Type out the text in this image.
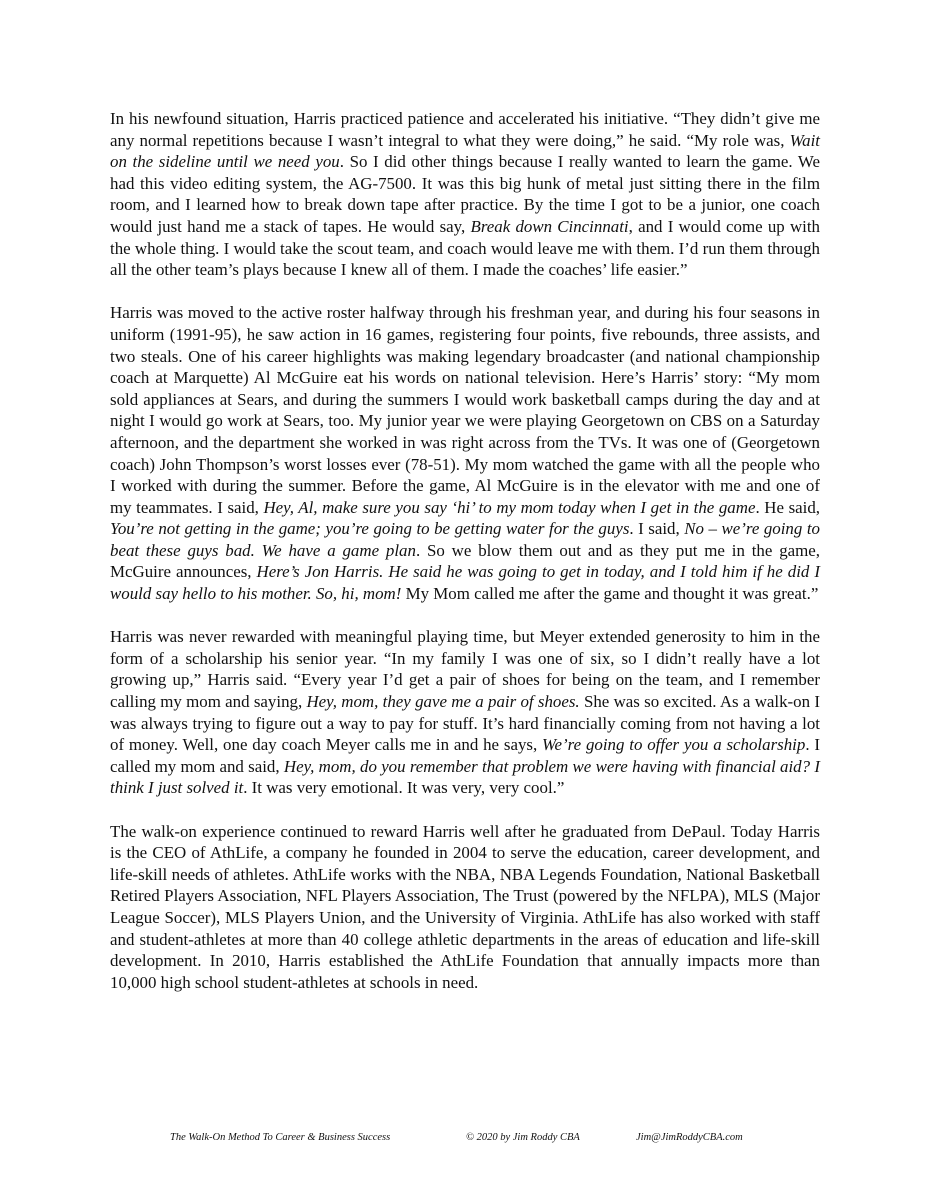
In his newfound situation, Harris practiced patience and accelerated his initiative. “They didn’t give me any normal repetitions because I wasn’t integral to what they were doing,” he said. “My role was, Wait on the sideline until we need you. So I did other things because I really wanted to learn the game. We had this video editing system, the AG-7500. It was this big hunk of metal just sitting there in the film room, and I learned how to break down tape after practice. By the time I got to be a junior, one coach would just hand me a stack of tapes. He would say, Break down Cincinnati, and I would come up with the whole thing. I would take the scout team, and coach would leave me with them. I’d run them through all the other team’s plays because I knew all of them. I made the coaches’ life easier.”

Harris was moved to the active roster halfway through his freshman year, and during his four seasons in uniform (1991-95), he saw action in 16 games, registering four points, five rebounds, three assists, and two steals. One of his career highlights was making legendary broadcaster (and national championship coach at Marquette) Al McGuire eat his words on national television. Here’s Harris’ story: “My mom sold appliances at Sears, and during the summers I would work basketball camps during the day and at night I would go work at Sears, too. My junior year we were playing Georgetown on CBS on a Saturday afternoon, and the department she worked in was right across from the TVs. It was one of (Georgetown coach) John Thompson’s worst losses ever (78-51). My mom watched the game with all the people who I worked with during the summer. Before the game, Al McGuire is in the elevator with me and one of my teammates. I said, Hey, Al, make sure you say ‘hi’ to my mom today when I get in the game. He said, You’re not getting in the game; you’re going to be getting water for the guys. I said, No – we’re going to beat these guys bad. We have a game plan. So we blow them out and as they put me in the game, McGuire announces, Here’s Jon Harris. He said he was going to get in today, and I told him if he did I would say hello to his mother. So, hi, mom! My Mom called me after the game and thought it was great.”

Harris was never rewarded with meaningful playing time, but Meyer extended generosity to him in the form of a scholarship his senior year. “In my family I was one of six, so I didn’t really have a lot growing up,” Harris said. “Every year I’d get a pair of shoes for being on the team, and I remember calling my mom and saying, Hey, mom, they gave me a pair of shoes. She was so excited. As a walk-on I was always trying to figure out a way to pay for stuff. It’s hard financially coming from not having a lot of money. Well, one day coach Meyer calls me in and he says, We’re going to offer you a scholarship. I called my mom and said, Hey, mom, do you remember that problem we were having with financial aid? I think I just solved it. It was very emotional. It was very, very cool.”

The walk-on experience continued to reward Harris well after he graduated from DePaul. Today Harris is the CEO of AthLife, a company he founded in 2004 to serve the education, career development, and life-skill needs of athletes. AthLife works with the NBA, NBA Legends Foundation, National Basketball Retired Players Association, NFL Players Association, The Trust (powered by the NFLPA), MLS (Major League Soccer), MLS Players Union, and the University of Virginia. AthLife has also worked with staff and student-athletes at more than 40 college athletic departments in the areas of education and life-skill development. In 2010, Harris established the AthLife Foundation that annually impacts more than 10,000 high school student-athletes at schools in need.

The Walk-On Method To Career & Business Success	© 2020 by Jim Roddy CBA	Jim@JimRoddyCBA.com
